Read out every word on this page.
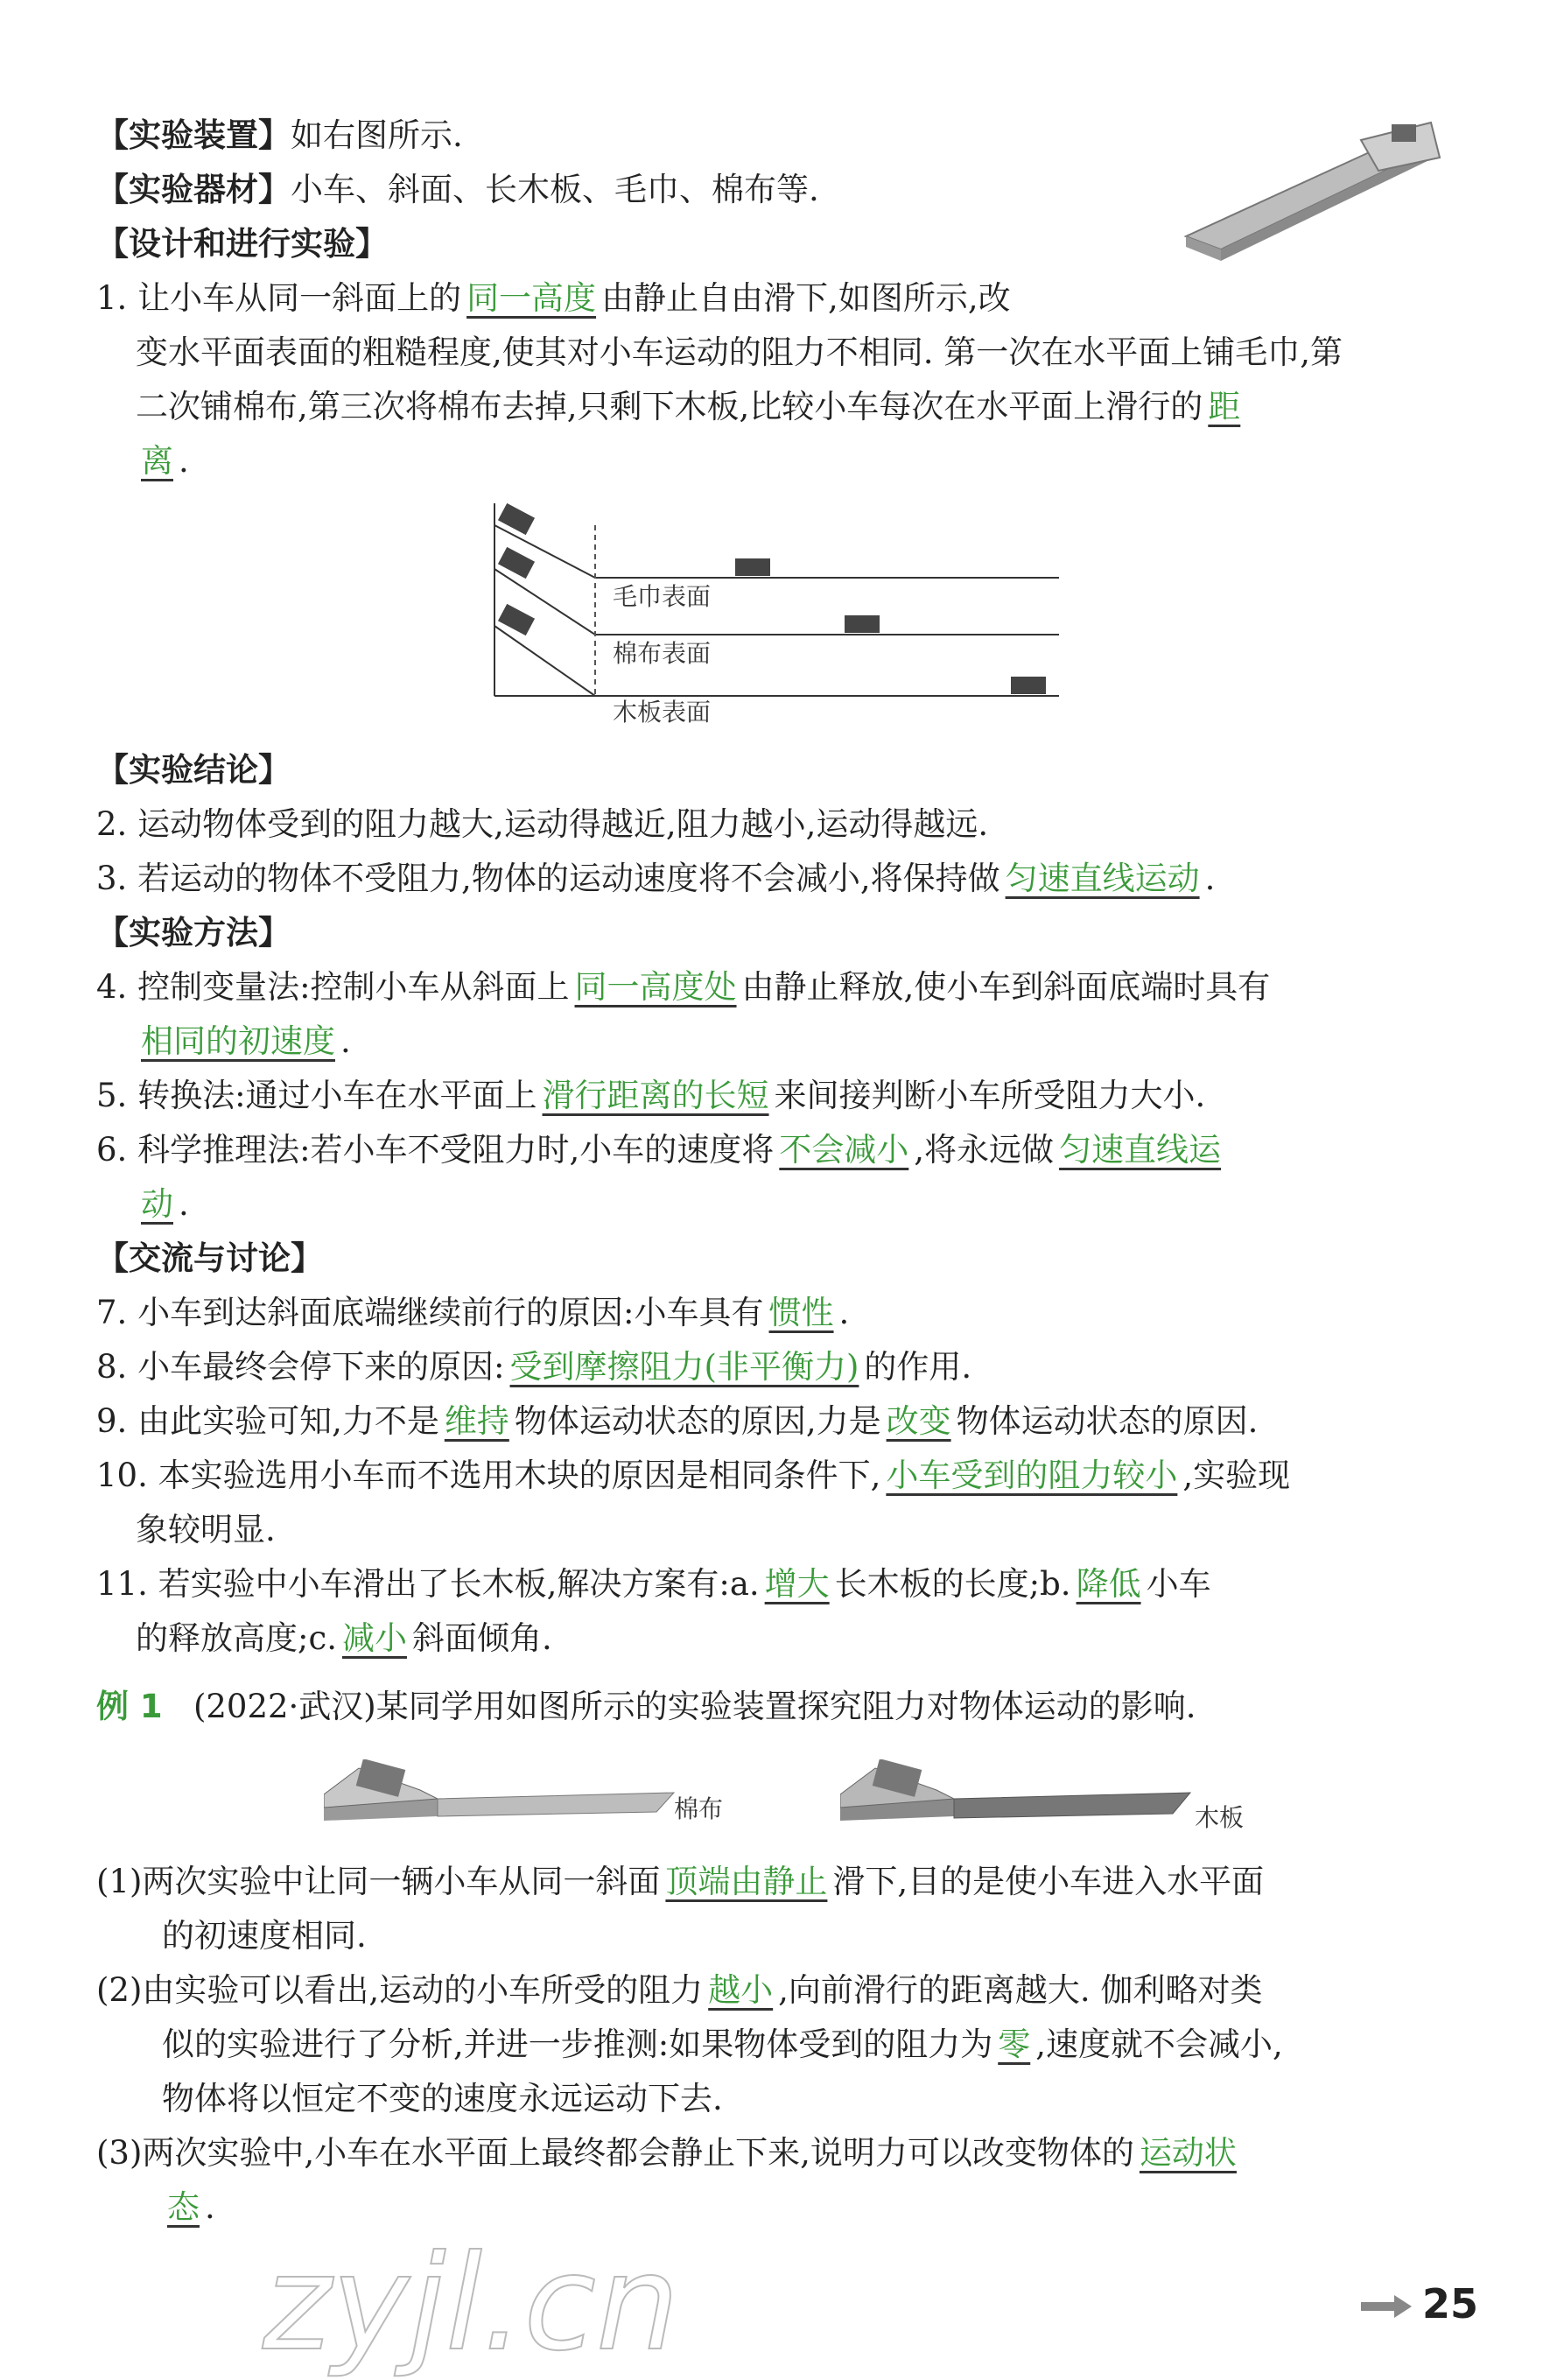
【实验装置】如右图所示.
【实验器材】小车、斜面、长木板、毛巾、棉布等.
【设计和进行实验】
1. 让小车从同一斜面上的 同一高度 由静止自由滑下,如图所示,改
变水平面表面的粗糙程度,使其对小车运动的阻力不相同. 第一次在水平面上铺毛巾,第
二次铺棉布,第三次将棉布去掉,只剩下木板,比较小车每次在水平面上滑行的 距
离 .
毛巾表面
棉布表面
木板表面
【实验结论】
2. 运动物体受到的阻力越大,运动得越近,阻力越小,运动得越远.
3. 若运动的物体不受阻力,物体的运动速度将不会减小,将保持做 匀速直线运动 .
【实验方法】
4. 控制变量法:控制小车从斜面上 同一高度处 由静止释放,使小车到斜面底端时具有
相同的初速度 .
5. 转换法:通过小车在水平面上 滑行距离的长短 来间接判断小车所受阻力大小.
6. 科学推理法:若小车不受阻力时,小车的速度将 不会减小 ,将永远做 匀速直线运
动 .
【交流与讨论】
7. 小车到达斜面底端继续前行的原因:小车具有 惯性 .
8. 小车最终会停下来的原因: 受到摩擦阻力(非平衡力) 的作用.
9. 由此实验可知,力不是 维持 物体运动状态的原因,力是 改变 物体运动状态的原因.
10. 本实验选用小车而不选用木块的原因是相同条件下, 小车受到的阻力较小 ,实验现
象较明显.
11. 若实验中小车滑出了长木板,解决方案有:a. 增大 长木板的长度;b. 降低 小车
的释放高度;c. 减小 斜面倾角.
例 1 (2022·武汉)某同学用如图所示的实验装置探究阻力对物体运动的影响.
棉布	木板
(1)两次实验中让同一辆小车从同一斜面 顶端由静止 滑下,目的是使小车进入水平面
的初速度相同.
(2)由实验可以看出,运动的小车所受的阻力 越小 ,向前滑行的距离越大. 伽利略对类
似的实验进行了分析,并进一步推测:如果物体受到的阻力为 零 ,速度就不会减小,
物体将以恒定不变的速度永远运动下去.
(3)两次实验中,小车在水平面上最终都会静止下来,说明力可以改变物体的 运动状
态 .
zyjl.cn	25
